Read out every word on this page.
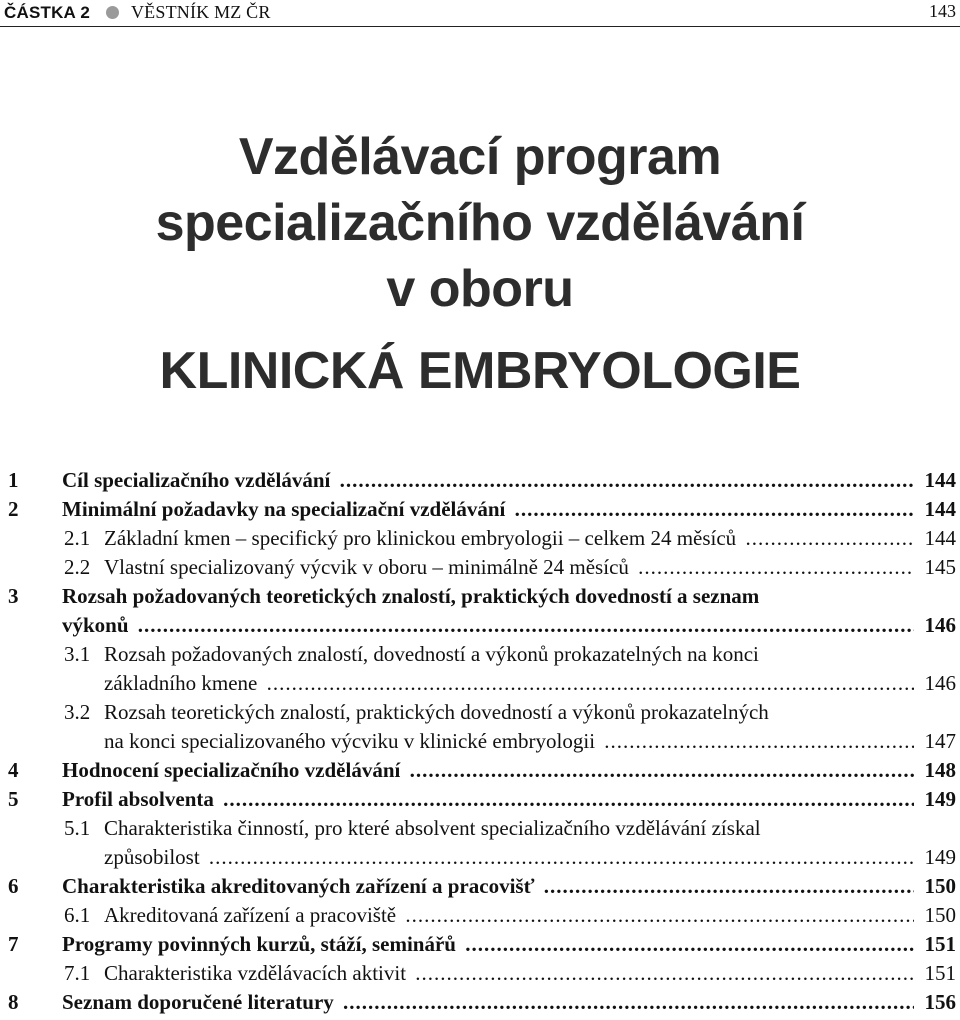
ČÁSTKA 2 VĚSTNÍK MZ ČR	143
Vzdělávací program
specializačního vzdělávání
v oboru
KLINICKÁ EMBRYOLOGIE
1 Cíl specializačního vzdělávání .....	144
2 Minimální požadavky na specializační vzdělávání .....	144
2.1 Základní kmen – specifický pro klinickou embryologii – celkem 24 měsíců .....	144
2.2 Vlastní specializovaný výcvik v oboru – minimálně 24 měsíců .....	145
3 Rozsah požadovaných teoretických znalostí, praktických dovedností a seznam
výkonů .....	146
3.1 Rozsah požadovaných znalostí, dovedností a výkonů prokazatelných na konci
základního kmene .....	146
3.2 Rozsah teoretických znalostí, praktických dovedností a výkonů prokazatelných
na konci specializovaného výcviku v klinické embryologii .....	147
4 Hodnocení specializačního vzdělávání .....	148
5 Profil absolventa .....	149
5.1 Charakteristika činností, pro které absolvent specializačního vzdělávání získal
způsobilost .....	149
6 Charakteristika akreditovaných zařízení a pracovišť .....	150
6.1 Akreditovaná zařízení a pracoviště .....	150
7 Programy povinných kurzů, stáží, seminářů .....	151
7.1 Charakteristika vzdělávacích aktivit .....	151
8 Seznam doporučené literatury .....	156
